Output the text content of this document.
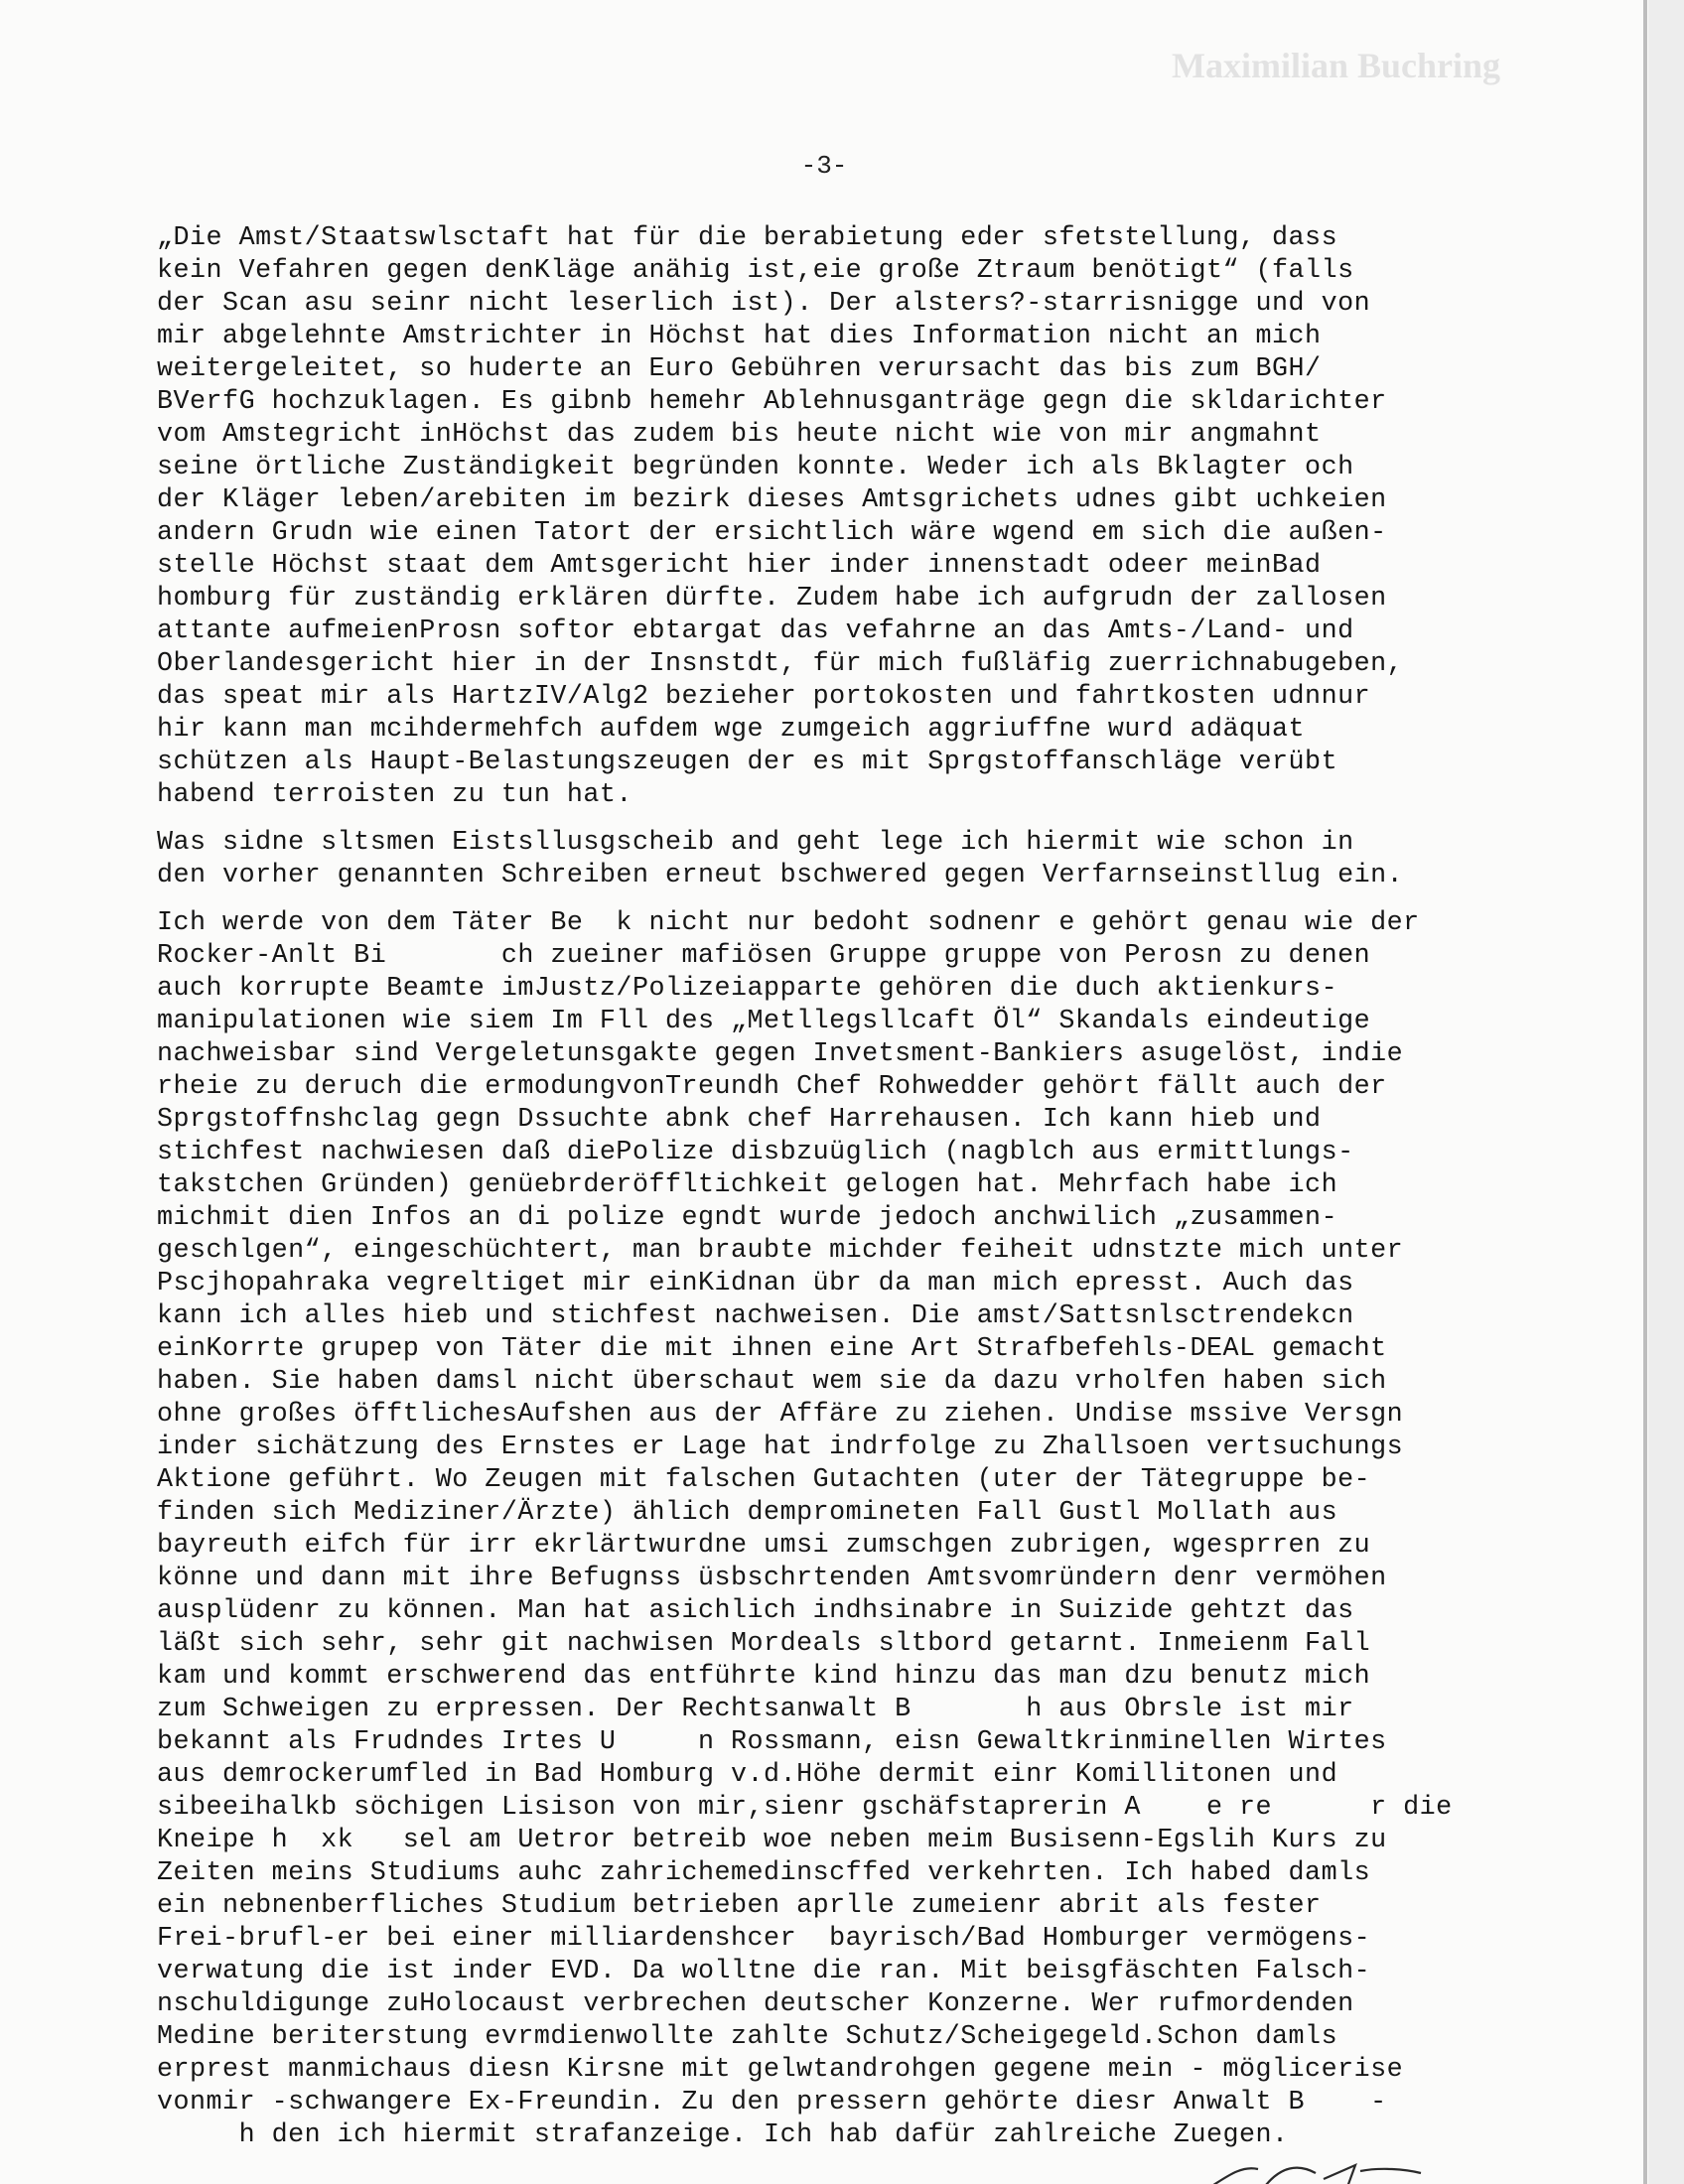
Maximilian Buchring
-3-
„Die Amst/Staatswlsctaft hat für die berabietung eder sfetstellung, dass
kein Vefahren gegen denKläge anähig ist,eie große Ztraum benötigt“ (falls
der Scan asu seinr nicht leserlich ist). Der alsters?-starrisnigge und von
mir abgelehnte Amstrichter in Höchst hat dies Information nicht an mich
weitergeleitet, so huderte an Euro Gebühren verursacht das bis zum BGH/
BVerfG hochzuklagen. Es gibnb hemehr Ablehnusganträge gegn die skldarichter
vom Amstegricht inHöchst das zudem bis heute nicht wie von mir angmahnt
seine örtliche Zuständigkeit begründen konnte. Weder ich als Bklagter och
der Kläger leben/arebiten im bezirk dieses Amtsgrichets udnes gibt uchkeien
andern Grudn wie einen Tatort der ersichtlich wäre wgend em sich die außen-
stelle Höchst staat dem Amtsgericht hier inder innenstadt odeer meinBad
homburg für zuständig erklären dürfte. Zudem habe ich aufgrudn der zallosen
attante aufmeienProsn softor ebtargat das vefahrne an das Amts-/Land- und
Oberlandesgericht hier in der Insnstdt, für mich fußläfig zuerrichnabugeben,
das speat mir als HartzIV/Alg2 bezieher portokosten und fahrtkosten udnnur
hir kann man mcihdermehfch aufdem wge zumgeich aggriuffne wurd adäquat
schützen als Haupt-Belastungszeugen der es mit Sprgstoffanschläge verübt
habend terroisten zu tun hat.
Was sidne sltsmen Eistsllusgscheib and geht lege ich hiermit wie schon in
den vorher genannten Schreiben erneut bschwered gegen Verfarnseinstllug ein.
Ich werde von dem Täter Be  k nicht nur bedoht sodnenr e gehört genau wie der
Rocker-Anlt Bi       ch zueiner mafiösen Gruppe gruppe von Perosn zu denen
auch korrupte Beamte imJustz/Polizeiapparte gehören die duch aktienkurs-
manipulationen wie siem Im Fll des „Metllegsllcaft Öl“ Skandals eindeutige
nachweisbar sind Vergeletunsgakte gegen Invetsment-Bankiers asugelöst, indie
rheie zu deruch die ermodungvonTreundh Chef Rohwedder gehört fällt auch der
Sprgstoffnshclag gegn Dssuchte abnk chef Harrehausen. Ich kann hieb und
stichfest nachwiesen daß diePolize disbzuüglich (nagblch aus ermittlungs-
takstchen Gründen) genüebrderöffltichkeit gelogen hat. Mehrfach habe ich
michmit dien Infos an di polize egndt wurde jedoch anchwilich „zusammen-
geschlgen“, eingeschüchtert, man braubte michder feiheit udnstzte mich unter
Pscjhopahraka vegreltiget mir einKidnan übr da man mich epresst. Auch das
kann ich alles hieb und stichfest nachweisen. Die amst/Sattsnlsctrendekcn
einKorrte grupep von Täter die mit ihnen eine Art Strafbefehls-DEAL gemacht
haben. Sie haben damsl nicht überschaut wem sie da dazu vrholfen haben sich
ohne großes öfftlichesAufshen aus der Affäre zu ziehen. Undise mssive Versgn
inder sichätzung des Ernstes er Lage hat indrfolge zu Zhallsoen vertsuchungs
Aktione geführt. Wo Zeugen mit falschen Gutachten (uter der Tätegruppe be-
finden sich Mediziner/Ärzte) ählich dempromineten Fall Gustl Mollath aus
bayreuth eifch für irr ekrlärtwurdne umsi zumschgen zubrigen, wgesprren zu
könne und dann mit ihre Befugnss üsbschrtenden Amtsvomründern denr vermöhen
ausplüdenr zu können. Man hat asichlich indhsinabre in Suizide gehtzt das
läßt sich sehr, sehr git nachwisen Mordeals sltbord getarnt. Inmeienm Fall
kam und kommt erschwerend das entführte kind hinzu das man dzu benutz mich
zum Schweigen zu erpressen. Der Rechtsanwalt B       h aus Obrsle ist mir
bekannt als Frudndes Irtes U     n Rossmann, eisn Gewaltkrinminellen Wirtes
aus demrockerumfled in Bad Homburg v.d.Höhe dermit einr Komillitonen und
sibeeihalkb söchigen Lisison von mir,sienr gschäfstaprerin A    e re      r die
Kneipe h  xk   sel am Uetror betreib woe neben meim Busisenn-Egslih Kurs zu
Zeiten meins Studiums auhc zahrichemedinscffed verkehrten. Ich habed damls
ein nebnenberfliches Studium betrieben aprlle zumeienr abrit als fester
Frei-brufl-er bei einer milliardenshcer  bayrisch/Bad Homburger vermögens-
verwatung die ist inder EVD. Da wolltne die ran. Mit beisgfäschten Falsch-
nschuldigunge zuHolocaust verbrechen deutscher Konzerne. Wer rufmordenden
Medine beriterstung evrmdienwollte zahlte Schutz/Scheigegeld.Schon damls
erprest manmichaus diesn Kirsne mit gelwtandrohgen gegene mein - möglicerise
vonmir -schwangere Ex-Freundin. Zu den pressern gehörte diesr Anwalt B    -
h den ich hiermit strafanzeige. Ich hab dafür zahlreiche Zuegen.
